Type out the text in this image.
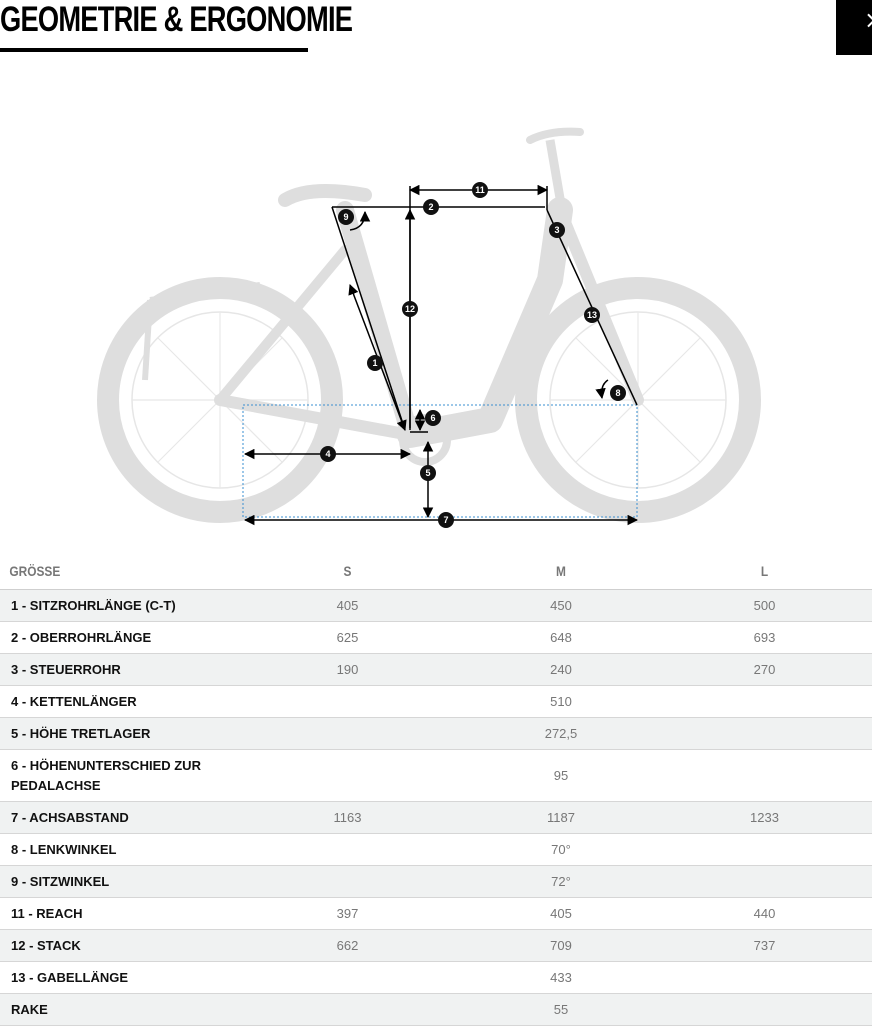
GEOMETRIE & ERGONOMIE	×
1
2
3
4
5
6
7
8
9
11
12
13
GRÖSSE	S	M	L
1 - SITZROHRLÄNGE (C-T)	405	450	500
2 - OBERROHRLÄNGE	625	648	693
3 - STEUERROHR	190	240	270
4 - KETTENLÄNGER		510	
5 - HÖHE TRETLAGER		272,5	
6 - HÖHENUNTERSCHIED ZUR PEDALACHSE		95	
7 - ACHSABSTAND	1163	1187	1233
8 - LENKWINKEL		70°	
9 - SITZWINKEL		72°	
11 - REACH	397	405	440
12 - STACK	662	709	737
13 - GABELLÄNGE		433	
RAKE		55	
